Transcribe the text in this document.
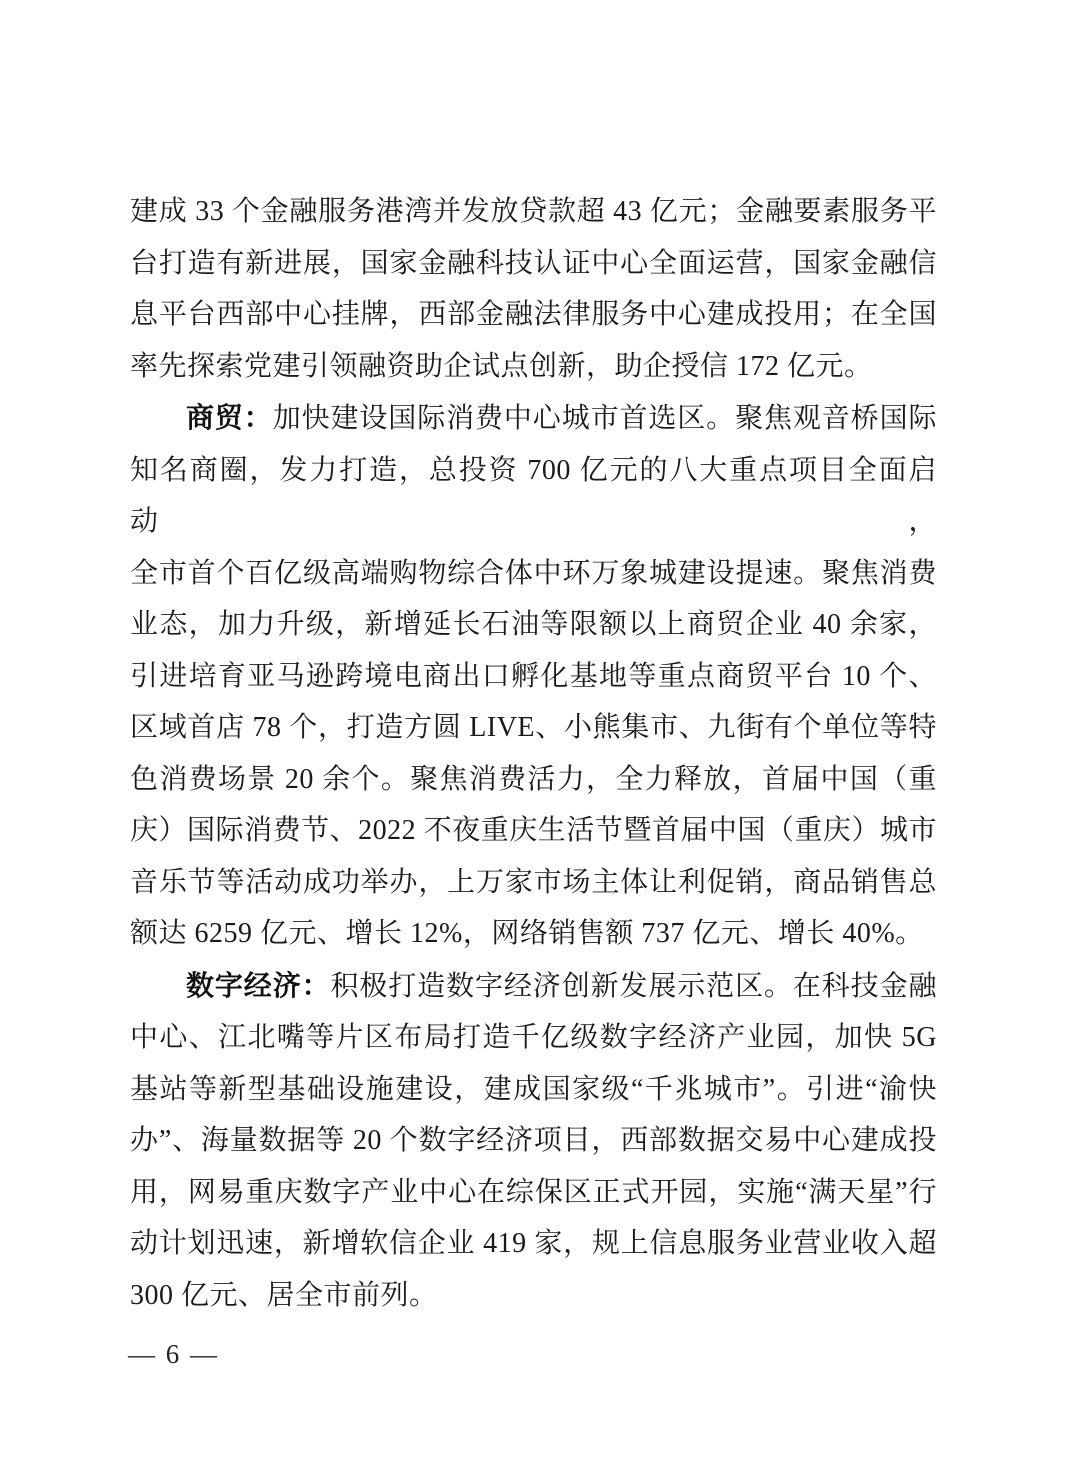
建成 33 个金融服务港湾并发放贷款超 43 亿元；金融要素服务平
台打造有新进展，国家金融科技认证中心全面运营，国家金融信
息平台西部中心挂牌，西部金融法律服务中心建成投用；在全国
率先探索党建引领融资助企试点创新，助企授信 172 亿元。

商贸：加快建设国际消费中心城市首选区。聚焦观音桥国际
知名商圈，发力打造，总投资 700 亿元的八大重点项目全面启动，
全市首个百亿级高端购物综合体中环万象城建设提速。聚焦消费
业态，加力升级，新增延长石油等限额以上商贸企业 40 余家，
引进培育亚马逊跨境电商出口孵化基地等重点商贸平台 10 个、
区域首店 78 个，打造方圆 LIVE、小熊集市、九街有个单位等特
色消费场景 20 余个。聚焦消费活力，全力释放，首届中国（重
庆）国际消费节、2022 不夜重庆生活节暨首届中国（重庆）城市
音乐节等活动成功举办，上万家市场主体让利促销，商品销售总
额达 6259 亿元、增长 12%，网络销售额 737 亿元、增长 40%。

数字经济：积极打造数字经济创新发展示范区。在科技金融
中心、江北嘴等片区布局打造千亿级数字经济产业园，加快 5G
基站等新型基础设施建设，建成国家级“千兆城市”。引进“渝快
办”、海量数据等 20 个数字经济项目，西部数据交易中心建成投
用，网易重庆数字产业中心在综保区正式开园，实施“满天星”行
动计划迅速，新增软信企业 419 家，规上信息服务业营业收入超
300 亿元、居全市前列。

— 6 —
